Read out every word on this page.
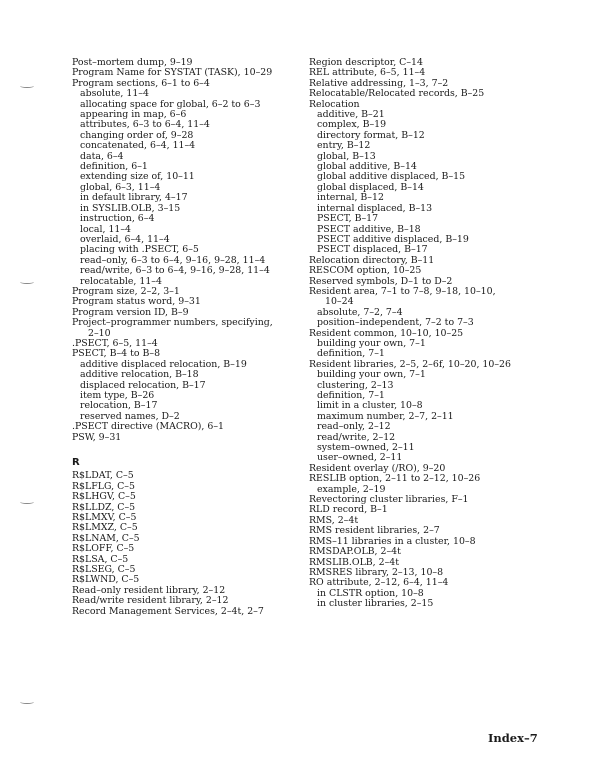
Post–mortem dump, 9–19
Program Name for SYSTAT (TASK), 10–29
Program sections, 6–1 to 6–4
absolute, 11–4
allocating space for global, 6–2 to 6–3
appearing in map, 6–6
attributes, 6–3 to 6–4, 11–4
changing order of, 9–28
concatenated, 6–4, 11–4
data, 6–4
definition, 6–1
extending size of, 10–11
global, 6–3, 11–4
in default library, 4–17
in SYSLIB.OLB, 3–15
instruction, 6–4
local, 11–4
overlaid, 6–4, 11–4
placing with .PSECT, 6–5
read–only, 6–3 to 6–4, 9–16, 9–28, 11–4
read/write, 6–3 to 6–4, 9–16, 9–28, 11–4
relocatable, 11–4
Program size, 2–2, 3–1
Program status word, 9–31
Program version ID, B–9
Project–programmer numbers, specifying,
2–10
.PSECT, 6–5, 11–4
PSECT, B–4 to B–8
additive displaced relocation, B–19
additive relocation, B–18
displaced relocation, B–17
item type, B–26
relocation, B–17
reserved names, D–2
.PSECT directive (MACRO), 6–1
PSW, 9–31
R
R$LDAT, C–5
R$LFLG, C–5
R$LHGV, C–5
R$LLDZ, C–5
R$LMXV, C–5
R$LMXZ, C–5
R$LNAM, C–5
R$LOFF, C–5
R$LSA, C–5
R$LSEG, C–5
R$LWND, C–5
Read–only resident library, 2–12
Read/write resident library, 2–12
Record Management Services, 2–4t, 2–7
Region descriptor, C–14
REL attribute, 6–5, 11–4
Relative addressing, 1–3, 7–2
Relocatable/Relocated records, B–25
Relocation
additive, B–21
complex, B–19
directory format, B–12
entry, B–12
global, B–13
global additive, B–14
global additive displaced, B–15
global displaced, B–14
internal, B–12
internal displaced, B–13
PSECT, B–17
PSECT additive, B–18
PSECT additive displaced, B–19
PSECT displaced, B–17
Relocation directory, B–11
RESCOM option, 10–25
Reserved symbols, D–1 to D–2
Resident area, 7–1 to 7–8, 9–18, 10–10,
10–24
absolute, 7–2, 7–4
position–independent, 7–2 to 7–3
Resident common, 10–10, 10–25
building your own, 7–1
definition, 7–1
Resident libraries, 2–5, 2–6f, 10–20, 10–26
building your own, 7–1
clustering, 2–13
definition, 7–1
limit in a cluster, 10–8
maximum number, 2–7, 2–11
read–only, 2–12
read/write, 2–12
system–owned, 2–11
user–owned, 2–11
Resident overlay (/RO), 9–20
RESLIB option, 2–11 to 2–12, 10–26
example, 2–19
Revectoring cluster libraries, F–1
RLD record, B–1
RMS, 2–4t
RMS resident libraries, 2–7
RMS–11 libraries in a cluster, 10–8
RMSDAP.OLB, 2–4t
RMSLIB.OLB, 2–4t
RMSRES library, 2–13, 10–8
RO attribute, 2–12, 6–4, 11–4
in CLSTR option, 10–8
in cluster libraries, 2–15
Index–7
